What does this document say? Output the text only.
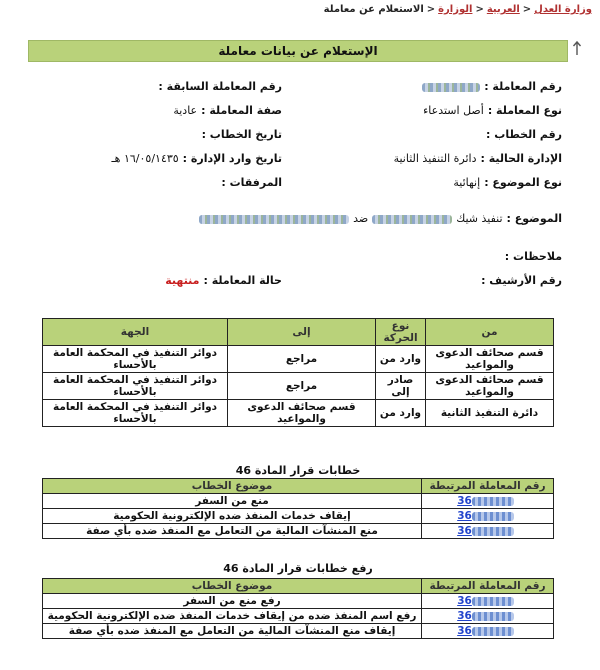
وزارة العدل<العربية<الوزارة<الاستعلام عن معاملة
الإستعلام عن بيانات معاملة
رقم المعاملة :
نوع المعاملة :أصل استدعاء
رقم الخطاب :
الإدارة الحالية :دائرة التنفيذ الثانية
نوع الموضوع :إنهائية
الموضوع :تنفيذ شيكضد
ملاحظات :
رقم الأرشيف :
رقم المعاملة السابقة :
صفة المعاملة :عادية
تاريخ الخطاب :
تاريخ وارد الإدارة :١٦/٠٥/١٤٣٥ هـ
المرفقات :
حالة المعاملة :منتهية
من	نوع الحركة	إلى	الجهة
قسم صحائف الدعوى والمواعيد	وارد من	مراجع	دوائر التنفيذ في المحكمة العامة بالأحساء
قسم صحائف الدعوى والمواعيد	صادر إلى	مراجع	دوائر التنفيذ في المحكمة العامة بالأحساء
دائرة التنفيذ الثانية	وارد من	قسم صحائف الدعوى والمواعيد	دوائر التنفيذ في المحكمة العامة بالأحساء
خطابات قرار المادة 46
رقم المعاملة المرتبطة	موضوع الخطاب
36	منع من السفر
36	إيقاف خدمات المنفذ ضده الإلكترونية الحكومية
36	منع المنشآت المالية من التعامل مع المنفذ ضده بأي صفة
رفع خطابات قرار المادة 46
رقم المعاملة المرتبطة	موضوع الخطاب
36	رفع منع من السفر
36	رفع اسم المنفذ ضده من إيقاف خدمات المنفذ ضده الإلكترونية الحكومية
36	إيقاف منع المنشآت المالية من التعامل مع المنفذ ضده بأي صفة
